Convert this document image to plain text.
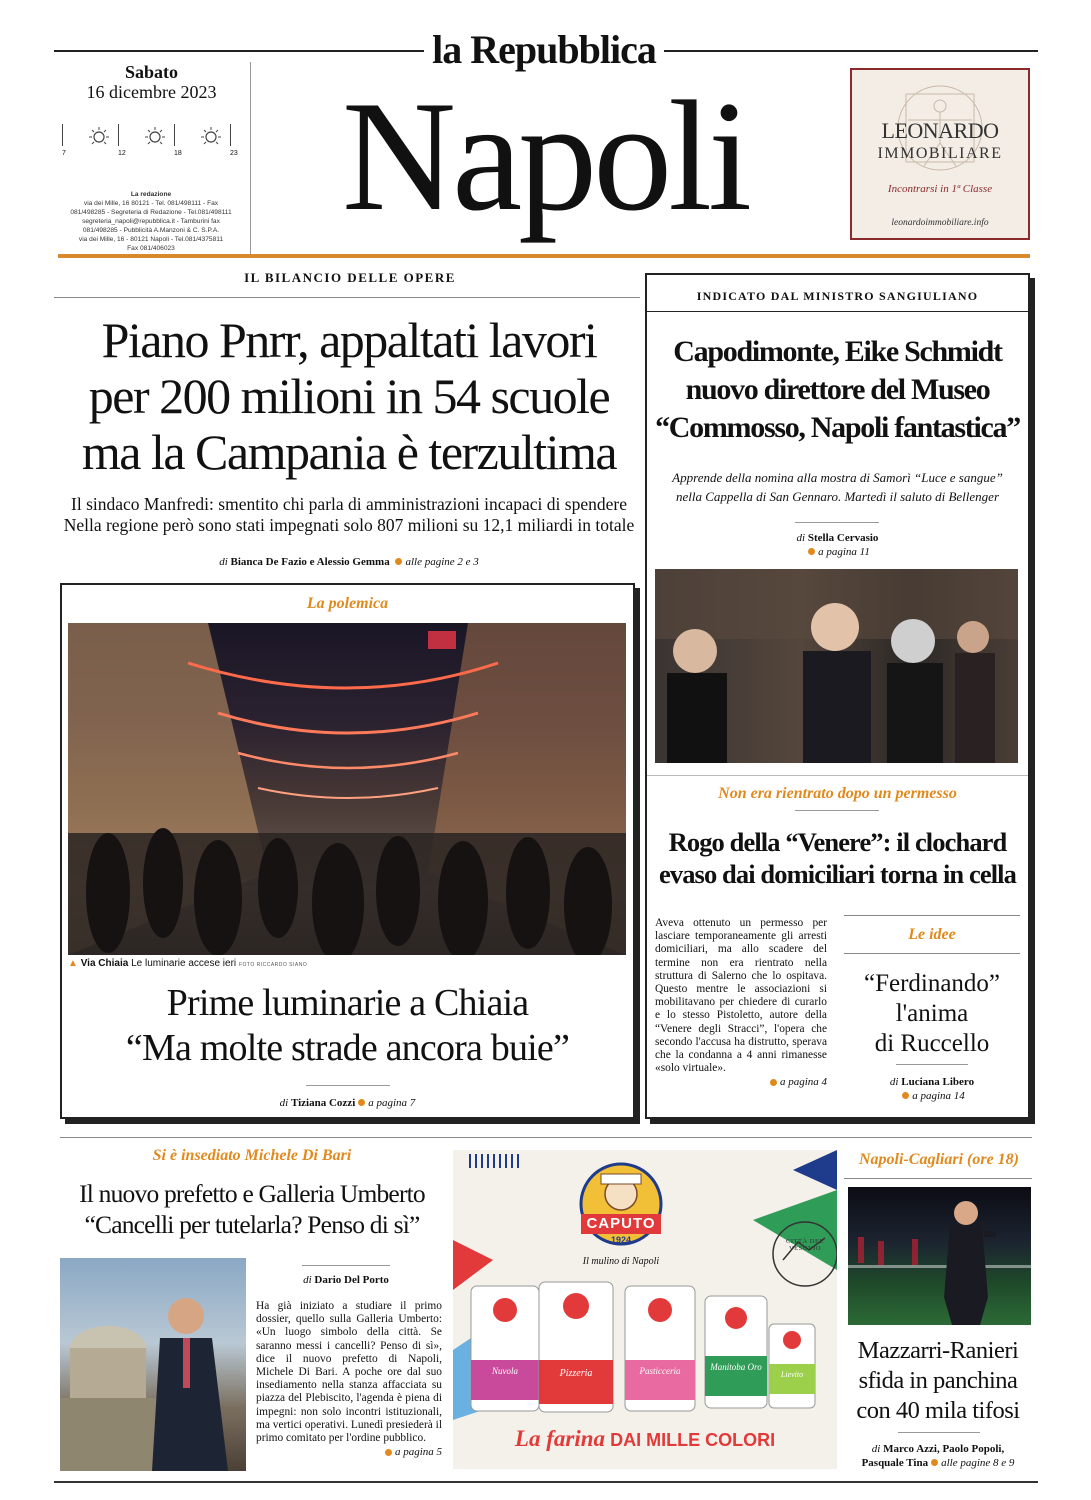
la Repubblica
Napoli
Sabato
16 dicembre 2023
7	12	18	23
La redazione
via dei Mille, 16 80121 - Tel. 081/498111 - Fax
081/498285 - Segreteria di Redazione - Tel.081/498111
segreteria_napoli@repubblica.it - Tamburini fax
081/498285 - Pubblicità A.Manzoni & C. S.P.A.
via dei Mille, 16 - 80121 Napoli - Tel.081/4375811
Fax 081/406023
LEONARDO
IMMOBILIARE
Incontrarsi in 1ª Classe
leonardoimmobiliare.info
IL BILANCIO DELLE OPERE
Piano Pnrr, appaltati lavori
per 200 milioni in 54 scuole
ma la Campania è terzultima
Il sindaco Manfredi: smentito chi parla di amministrazioni incapaci di spendere
Nella regione però sono stati impegnati solo 807 milioni su 12,1 miliardi in totale
di Bianca De Fazio e Alessio Gemma alle pagine 2 e 3
La polemica
▲ Via Chiaia Le luminarie accese ieri FOTO RICCARDO SIANO
Prime luminarie a Chiaia
“Ma molte strade ancora buie”
di Tiziana Cozzi a pagina 7
INDICATO DAL MINISTRO SANGIULIANO
Capodimonte, Eike Schmidt
nuovo direttore del Museo
“Commosso, Napoli fantastica”
Apprende della nomina alla mostra di Samorì “Luce e sangue”
nella Cappella di San Gennaro. Martedì il saluto di Bellenger
di Stella Cervasio
a pagina 11
Non era rientrato dopo un permesso
Rogo della “Venere”: il clochard
evaso dai domiciliari torna in cella

Aveva ottenuto un permesso per lasciare temporaneamente gli arresti domiciliari, ma allo scadere del termine non era rientrato nella struttura di Salerno che lo ospitava. Questo mentre le associazioni si mobilitavano per chiedere di curarlo e lo stesso Pistoletto, autore della “Venere degli Stracci”, l'opera che secondo l'accusa ha distrutto, sperava che la condanna a 4 anni rimanesse «solo virtuale».

a pagina 4
Le idee
“Ferdinando”
l'anima
di Ruccello
di Luciana Libero
a pagina 14
Si è insediato Michele Di Bari
Il nuovo prefetto e Galleria Umberto
“Cancelli per tutelarla? Penso di sì”
di Dario Del Porto

Ha già iniziato a studiare il primo dossier, quello sulla Galleria Umberto: «Un luogo simbolo della città. Se saranno messi i cancelli? Penso di sì», dice il nuovo prefetto di Napoli, Michele Di Bari. A poche ore dal suo insediamento nella stanza affacciata su piazza del Plebiscito, l'agenda è piena di impegni: non solo incontri istituzionali, ma vertici operativi. Lunedì presiederà il primo comitato per l'ordine pubblico.

a pagina 5
CAPUTO
1924
Il mulino di Napoli
CITTÀ DEL VESUVIO
Nuvola	Pizzeria	Pasticceria	Manitoba Oro
Lievito
La farina DAI MILLE COLORI
Napoli-Cagliari (ore 18)
Mazzarri-Ranieri
sfida in panchina
con 40 mila tifosi
di Marco Azzi, Paolo Popoli,
Pasquale Tina alle pagine 8 e 9
